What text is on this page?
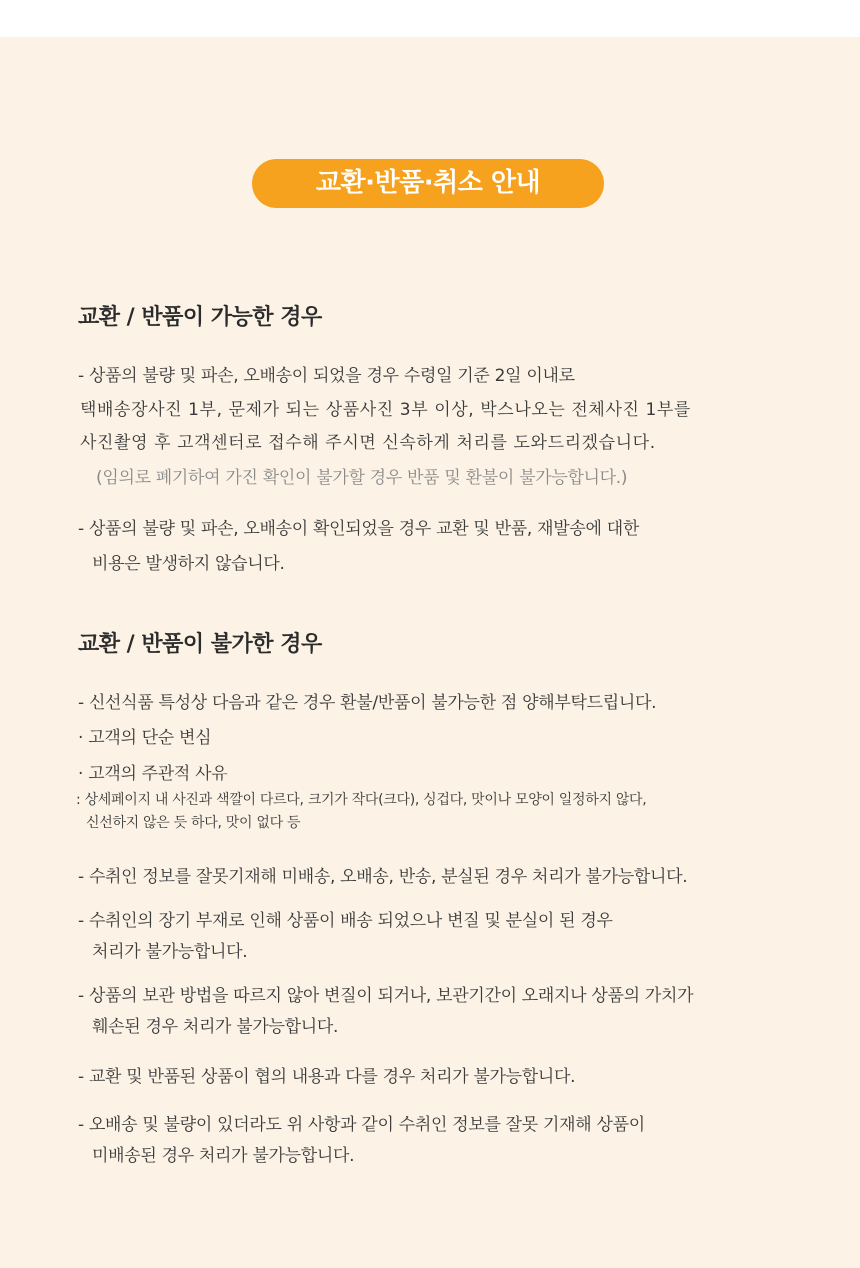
교환·반품·취소 안내
교환 / 반품이 가능한 경우
- 상품의 불량 및 파손, 오배송이 되었을 경우 수령일 기준 2일 이내로
택배송장사진 1부, 문제가 되는 상품사진 3부 이상, 박스나오는 전체사진 1부를
사진촬영 후 고객센터로 접수해 주시면 신속하게 처리를 도와드리겠습니다.
(임의로 폐기하여 가진 확인이 불가할 경우 반품 및 환불이 불가능합니다.)
- 상품의 불량 및 파손, 오배송이 확인되었을 경우 교환 및 반품, 재발송에 대한
비용은 발생하지 않습니다.
교환 / 반품이 불가한 경우
- 신선식품 특성상 다음과 같은 경우 환불/반품이 불가능한 점 양해부탁드립니다.
· 고객의 단순 변심
· 고객의 주관적 사유
: 상세페이지 내 사진과 색깔이 다르다, 크기가 작다(크다), 싱겁다, 맛이나 모양이 일정하지 않다,
신선하지 않은 듯 하다, 맛이 없다 등
- 수취인 정보를 잘못기재해 미배송, 오배송, 반송, 분실된 경우 처리가 불가능합니다.
- 수취인의 장기 부재로 인해 상품이 배송 되었으나 변질 및 분실이 된 경우
처리가 불가능합니다.
- 상품의 보관 방법을 따르지 않아 변질이 되거나, 보관기간이 오래지나 상품의 가치가
훼손된 경우 처리가 불가능합니다.
- 교환 및 반품된 상품이 협의 내용과 다를 경우 처리가 불가능합니다.
- 오배송 및 불량이 있더라도 위 사항과 같이 수취인 정보를 잘못 기재해 상품이
미배송된 경우 처리가 불가능합니다.
